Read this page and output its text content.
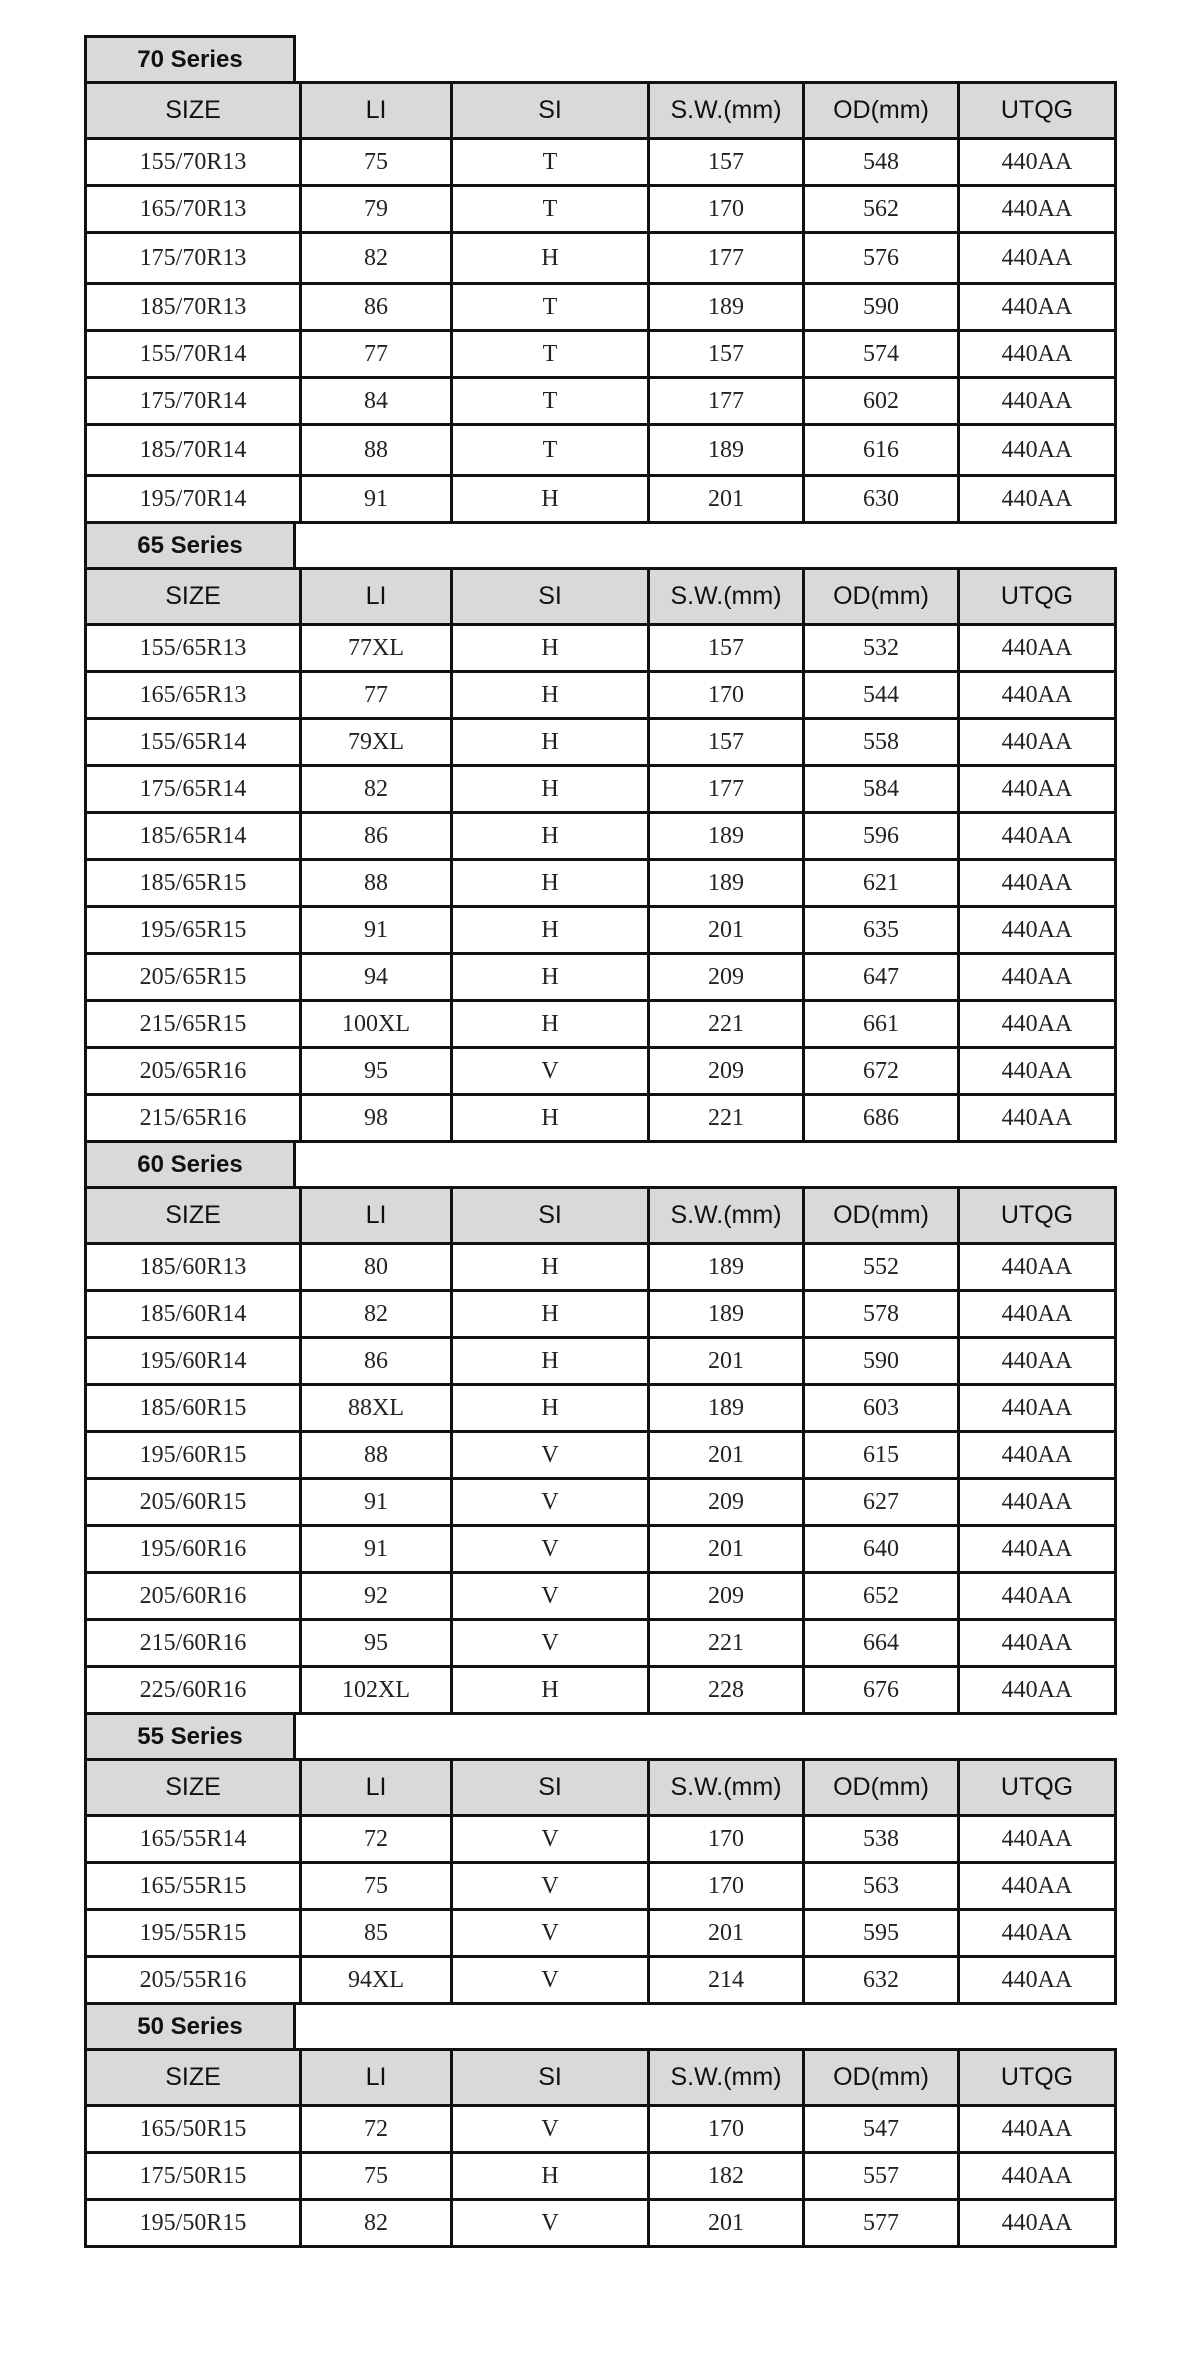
70 Series
SIZE	LI	SI	S.W.(mm)	OD(mm)	UTQG
155/70R13	75	T	157	548	440AA
165/70R13	79	T	170	562	440AA
175/70R13	82	H	177	576	440AA
185/70R13	86	T	189	590	440AA
155/70R14	77	T	157	574	440AA
175/70R14	84	T	177	602	440AA
185/70R14	88	T	189	616	440AA
195/70R14	91	H	201	630	440AA
65 Series
SIZE	LI	SI	S.W.(mm)	OD(mm)	UTQG
155/65R13	77XL	H	157	532	440AA
165/65R13	77	H	170	544	440AA
155/65R14	79XL	H	157	558	440AA
175/65R14	82	H	177	584	440AA
185/65R14	86	H	189	596	440AA
185/65R15	88	H	189	621	440AA
195/65R15	91	H	201	635	440AA
205/65R15	94	H	209	647	440AA
215/65R15	100XL	H	221	661	440AA
205/65R16	95	V	209	672	440AA
215/65R16	98	H	221	686	440AA
60 Series
SIZE	LI	SI	S.W.(mm)	OD(mm)	UTQG
185/60R13	80	H	189	552	440AA
185/60R14	82	H	189	578	440AA
195/60R14	86	H	201	590	440AA
185/60R15	88XL	H	189	603	440AA
195/60R15	88	V	201	615	440AA
205/60R15	91	V	209	627	440AA
195/60R16	91	V	201	640	440AA
205/60R16	92	V	209	652	440AA
215/60R16	95	V	221	664	440AA
225/60R16	102XL	H	228	676	440AA
55 Series
SIZE	LI	SI	S.W.(mm)	OD(mm)	UTQG
165/55R14	72	V	170	538	440AA
165/55R15	75	V	170	563	440AA
195/55R15	85	V	201	595	440AA
205/55R16	94XL	V	214	632	440AA
50 Series
SIZE	LI	SI	S.W.(mm)	OD(mm)	UTQG
165/50R15	72	V	170	547	440AA
175/50R15	75	H	182	557	440AA
195/50R15	82	V	201	577	440AA
